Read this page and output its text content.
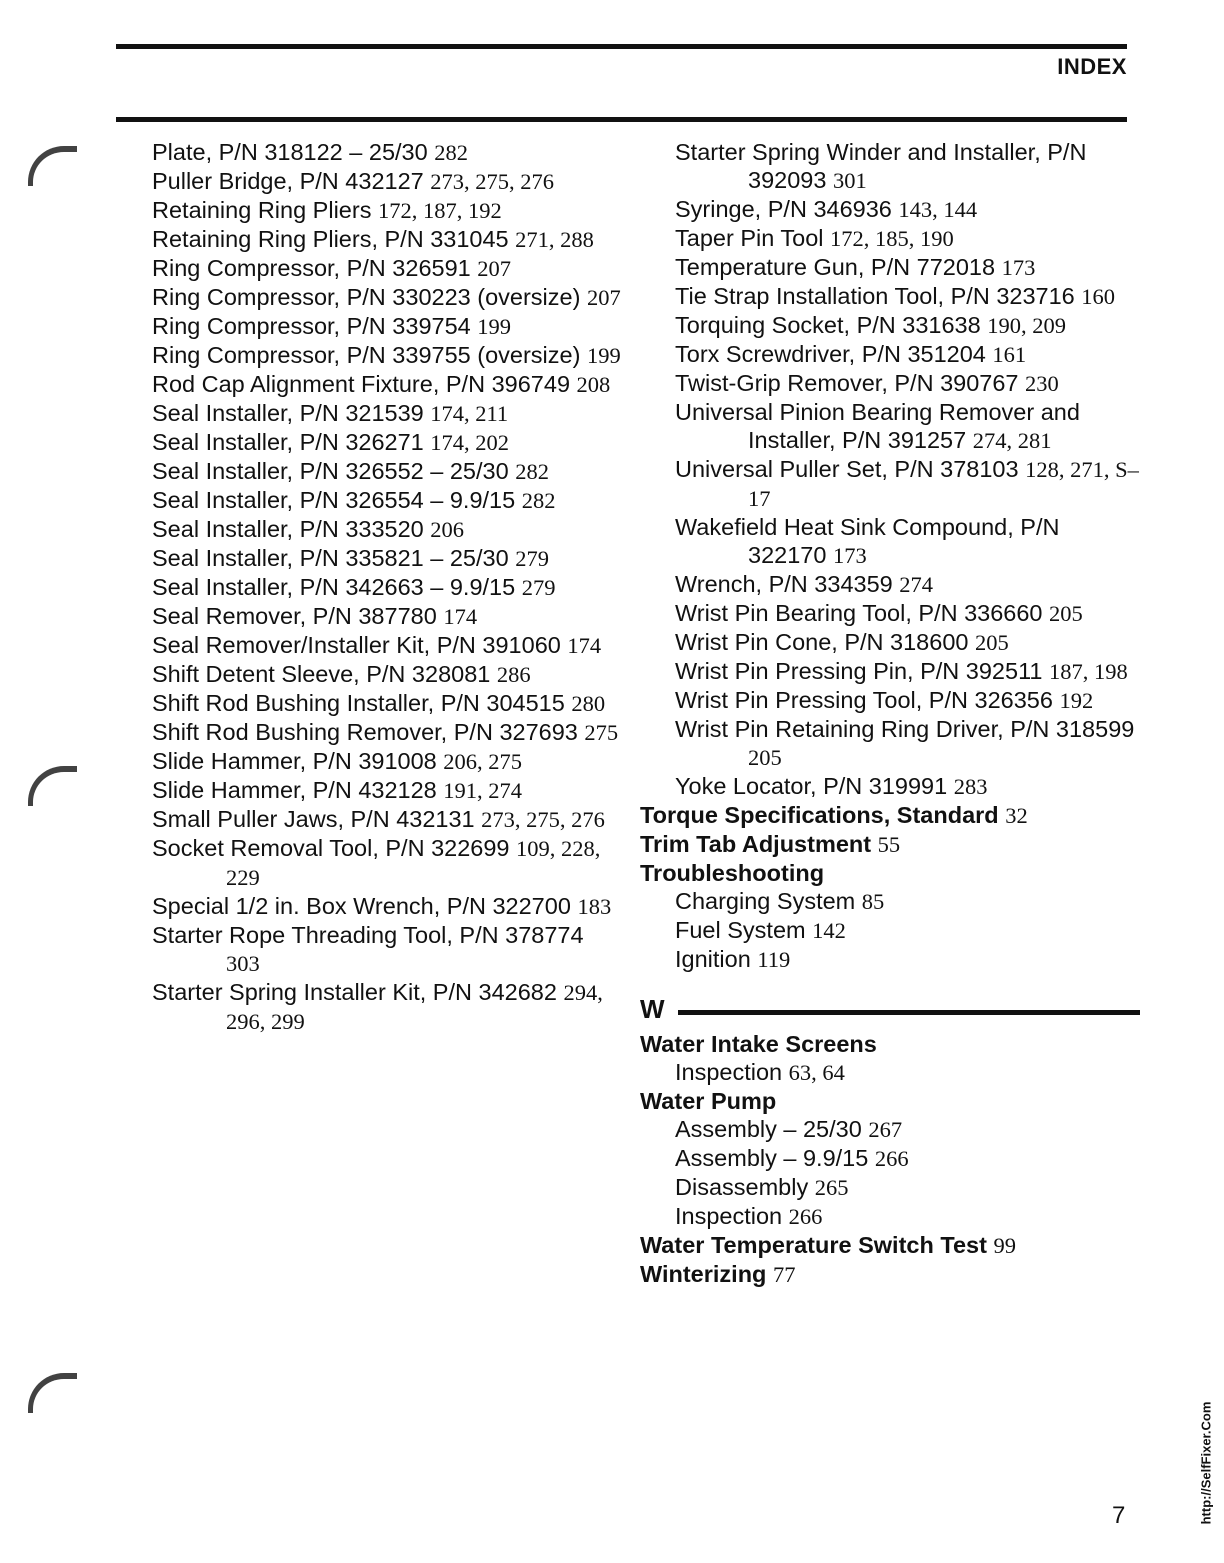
INDEX

Plate, P/N 318122 – 25/30 282

Puller Bridge, P/N 432127 273, 275, 276

Retaining Ring Pliers 172, 187, 192

Retaining Ring Pliers, P/N 331045 271, 288

Ring Compressor, P/N 326591 207

Ring Compressor, P/N 330223 (oversize) 207

Ring Compressor, P/N 339754 199

Ring Compressor, P/N 339755 (oversize) 199

Rod Cap Alignment Fixture, P/N 396749 208

Seal Installer, P/N 321539 174, 211

Seal Installer, P/N 326271 174, 202

Seal Installer, P/N 326552 – 25/30 282

Seal Installer, P/N 326554 – 9.9/15 282

Seal Installer, P/N 333520 206

Seal Installer, P/N 335821 – 25/30 279

Seal Installer, P/N 342663 – 9.9/15 279

Seal Remover, P/N 387780 174

Seal Remover/Installer Kit, P/N 391060 174

Shift Detent Sleeve, P/N 328081 286

Shift Rod Bushing Installer, P/N 304515 280

Shift Rod Bushing Remover, P/N 327693 275

Slide Hammer, P/N 391008 206, 275

Slide Hammer, P/N 432128 191, 274

Small Puller Jaws, P/N 432131 273, 275, 276

Socket Removal Tool, P/N 322699 109, 228, 229

Special 1/2 in. Box Wrench, P/N 322700 183

Starter Rope Threading Tool, P/N 378774 303

Starter Spring Installer Kit, P/N 342682 294, 296, 299

Starter Spring Winder and Installer, P/N 392093 301

Syringe, P/N 346936 143, 144

Taper Pin Tool 172, 185, 190

Temperature Gun, P/N 772018 173

Tie Strap Installation Tool, P/N 323716 160

Torquing Socket, P/N 331638 190, 209

Torx Screwdriver, P/N 351204 161

Twist-Grip Remover, P/N 390767 230

Universal Pinion Bearing Remover and Installer, P/N 391257 274, 281

Universal Puller Set, P/N 378103 128, 271, S–17

Wakefield Heat Sink Compound, P/N 322170 173

Wrench, P/N 334359 274

Wrist Pin Bearing Tool, P/N 336660 205

Wrist Pin Cone, P/N 318600 205

Wrist Pin Pressing Pin, P/N 392511 187, 198

Wrist Pin Pressing Tool, P/N 326356 192

Wrist Pin Retaining Ring Driver, P/N 318599 205

Yoke Locator, P/N 319991 283

Torque Specifications, Standard 32

Trim Tab Adjustment 55

Troubleshooting

Charging System 85

Fuel System 142

Ignition 119

W

Water Intake Screens

Inspection 63, 64

Water Pump

Assembly – 25/30 267

Assembly – 9.9/15 266

Disassembly 265

Inspection 266

Water Temperature Switch Test 99

Winterizing 77

7	http://SelfFixer.Com
